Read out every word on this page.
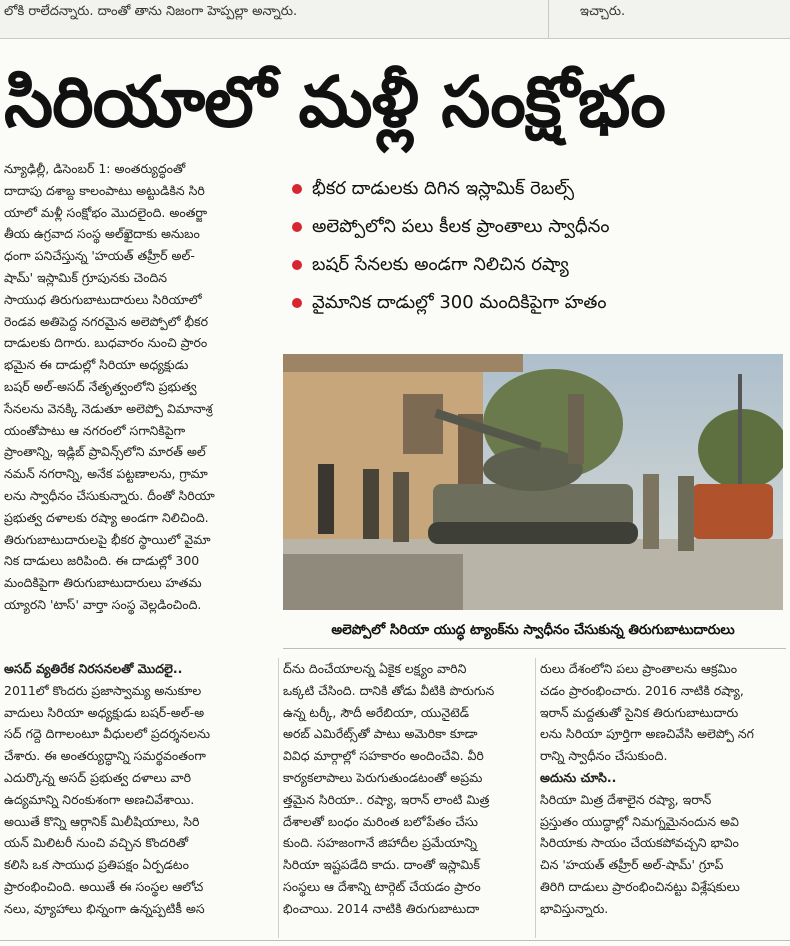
లోకి రాలేదన్నారు. దాంతో తాను నిజంగా హెప్పల్లా అన్నారు.	ఇచ్చారు.
సిరియాలో మళ్లీ సంక్షోభం

న్యూఢిల్లీ, డిసెంబర్ 1: అంతర్యుద్ధంతో

దాదాపు దశాబ్ద కాలంపాటు అట్టుడికిన సిరి

యాలో మళ్లీ సంక్షోభం మొదలైంది. అంతర్జా

తీయ ఉగ్రవాద సంస్థ అల్‌ఖైదాకు అనుబం

ధంగా పనిచేస్తున్న 'హయత్ తహ్రీర్ అల్-

షామ్' ఇస్లామిక్ గ్రూపునకు చెందిన

సాయుధ తిరుగుబాటుదారులు సిరియాలో

రెండవ అతిపెద్ద నగరమైన అలెప్పోలో భీకర

దాడులకు దిగారు. బుధవారం నుంచి ప్రారం

భమైన ఈ దాడుల్లో సిరియా అధ్యక్షుడు

బషర్ అల్-అసద్ నేతృత్వంలోని ప్రభుత్వ

సేనలను వెనక్కి నెడుతూ అలెప్పో విమానాశ్ర

యంతోపాటు ఆ నగరంలో సగానికిపైగా

ప్రాంతాన్ని, ఇడ్లిబ్ ప్రావిన్స్‌లోని మారత్ అల్

నమన్ నగరాన్ని, అనేక పట్టణాలను, గ్రామా

లను స్వాధీనం చేసుకున్నారు. దీంతో సిరియా

ప్రభుత్వ దళాలకు రష్యా అండగా నిలిచింది.

తిరుగుబాటుదారులపై భీకర స్థాయిలో వైమా

నిక దాడులు జరిపింది. ఈ దాడుల్లో 300

మందికిపైగా తిరుగుబాటుదారులు హతమ

య్యారని 'టాస్' వార్తా సంస్థ వెల్లడించింది.

భీకర దాడులకు దిగిన ఇస్లామిక్ రెబల్స్
అలెప్పోలోని పలు కీలక ప్రాంతాలు స్వాధీనం
బషర్ సేనలకు అండగా నిలిచిన రష్యా
వైమానిక దాడుల్లో 300 మందికిపైగా హతం
అలెప్పోలో సిరియా యుద్ధ ట్యాంక్‌ను స్వాధీనం చేసుకున్న తిరుగుబాటుదారులు

అసద్ వ్యతిరేక నిరసనలతో మొదలై..

2011లో కొందరు ప్రజాస్వామ్య అనుకూల

వాదులు సిరియా అధ్యక్షుడు బషర్-అల్-అ

సద్ గద్దె దిగాలంటూ వీధులలో ప్రదర్శనలను

చేశారు. ఈ అంతర్యుద్ధాన్ని సమర్థవంతంగా

ఎదుర్కొన్న అసద్ ప్రభుత్వ దళాలు వారి

ఉద్యమాన్ని నిరంకుశంగా అణచివేశాయి.

అయితే కొన్ని ఆర్గానిక్ మిలీషియాలు, సిరి

యన్ మిలిటరీ నుంచి వచ్చిన కొందరితో

కలిసి ఒక సాయుధ ప్రతిపక్షం ఏర్పడటం

ప్రారంభించింది. అయితే ఈ సంస్థల ఆలోచ

నలు, వ్యూహాలు భిన్నంగా ఉన్నప్పటికీ అస

ద్‌ను దించేయాలన్న ఏకైక లక్ష్యం వారిని

ఒక్కటి చేసింది. దానికి తోడు వీటికి పొరుగున

ఉన్న టర్కీ, సౌదీ అరేబియా, యునైటెడ్

అరబ్ ఎమిరేట్స్‌తో పాటు అమెరికా కూడా

వివిధ మార్గాల్లో సహకారం అందించేవి. వీరి

కార్యకలాపాలు పెరుగుతుండటంతో అప్రమ

త్తమైన సిరియా.. రష్యా, ఇరాన్ లాంటి మిత్ర

దేశాలతో బంధం మరింత బలోపేతం చేసు

కుంది. సహజంగానే జిహాదీల ప్రమేయాన్ని

సిరియా ఇష్టపడేది కాదు. దాంతో ఇస్లామిక్

సంస్థలు ఆ దేశాన్ని టార్గెట్ చేయడం ప్రారం

భించాయి. 2014 నాటికి తిరుగుబాటుదా

రులు దేశంలోని పలు ప్రాంతాలను ఆక్రమిం

చడం ప్రారంభించారు. 2016 నాటికి రష్యా,

ఇరాన్ మద్దతుతో సైనిక తిరుగుబాటుదారు

లను సిరియా పూర్తిగా అణచివేసి అలెప్పో నగ

రాన్ని స్వాధీనం చేసుకుంది.

అదును చూసి..

సిరియా మిత్ర దేశాలైన రష్యా, ఇరాన్

ప్రస్తుతం యుద్ధాల్లో నిమగ్నమైనందున అవి

సిరియాకు సాయం చేయకపోవచ్చని భావిం

చిన 'హయత్ తహ్రీర్ అల్-షామ్' గ్రూప్

తిరిగి దాడులు ప్రారంభించినట్టు విశ్లేషకులు

భావిస్తున్నారు.
